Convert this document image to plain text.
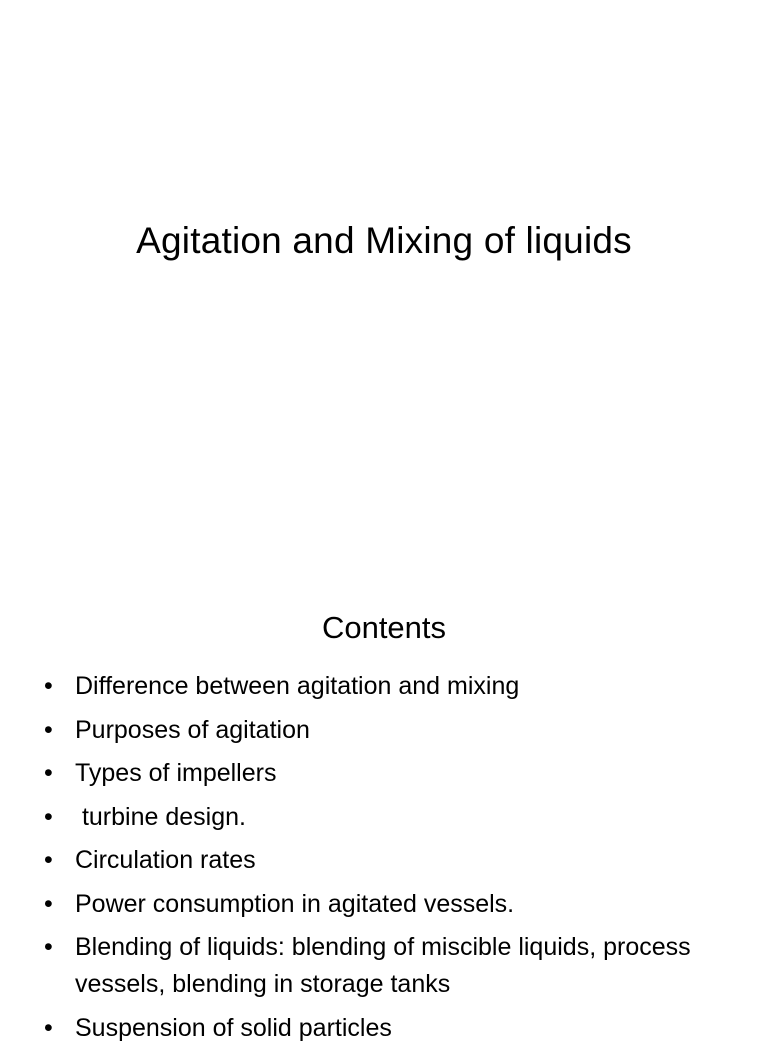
Agitation and Mixing of liquids
Contents
• Difference between agitation and mixing
• Purposes of agitation
• Types of impellers
• turbine design.
• Circulation rates
• Power consumption in agitated vessels.
• Blending of liquids: blending of miscible liquids, process vessels, blending in storage tanks
• Suspension of solid particles
